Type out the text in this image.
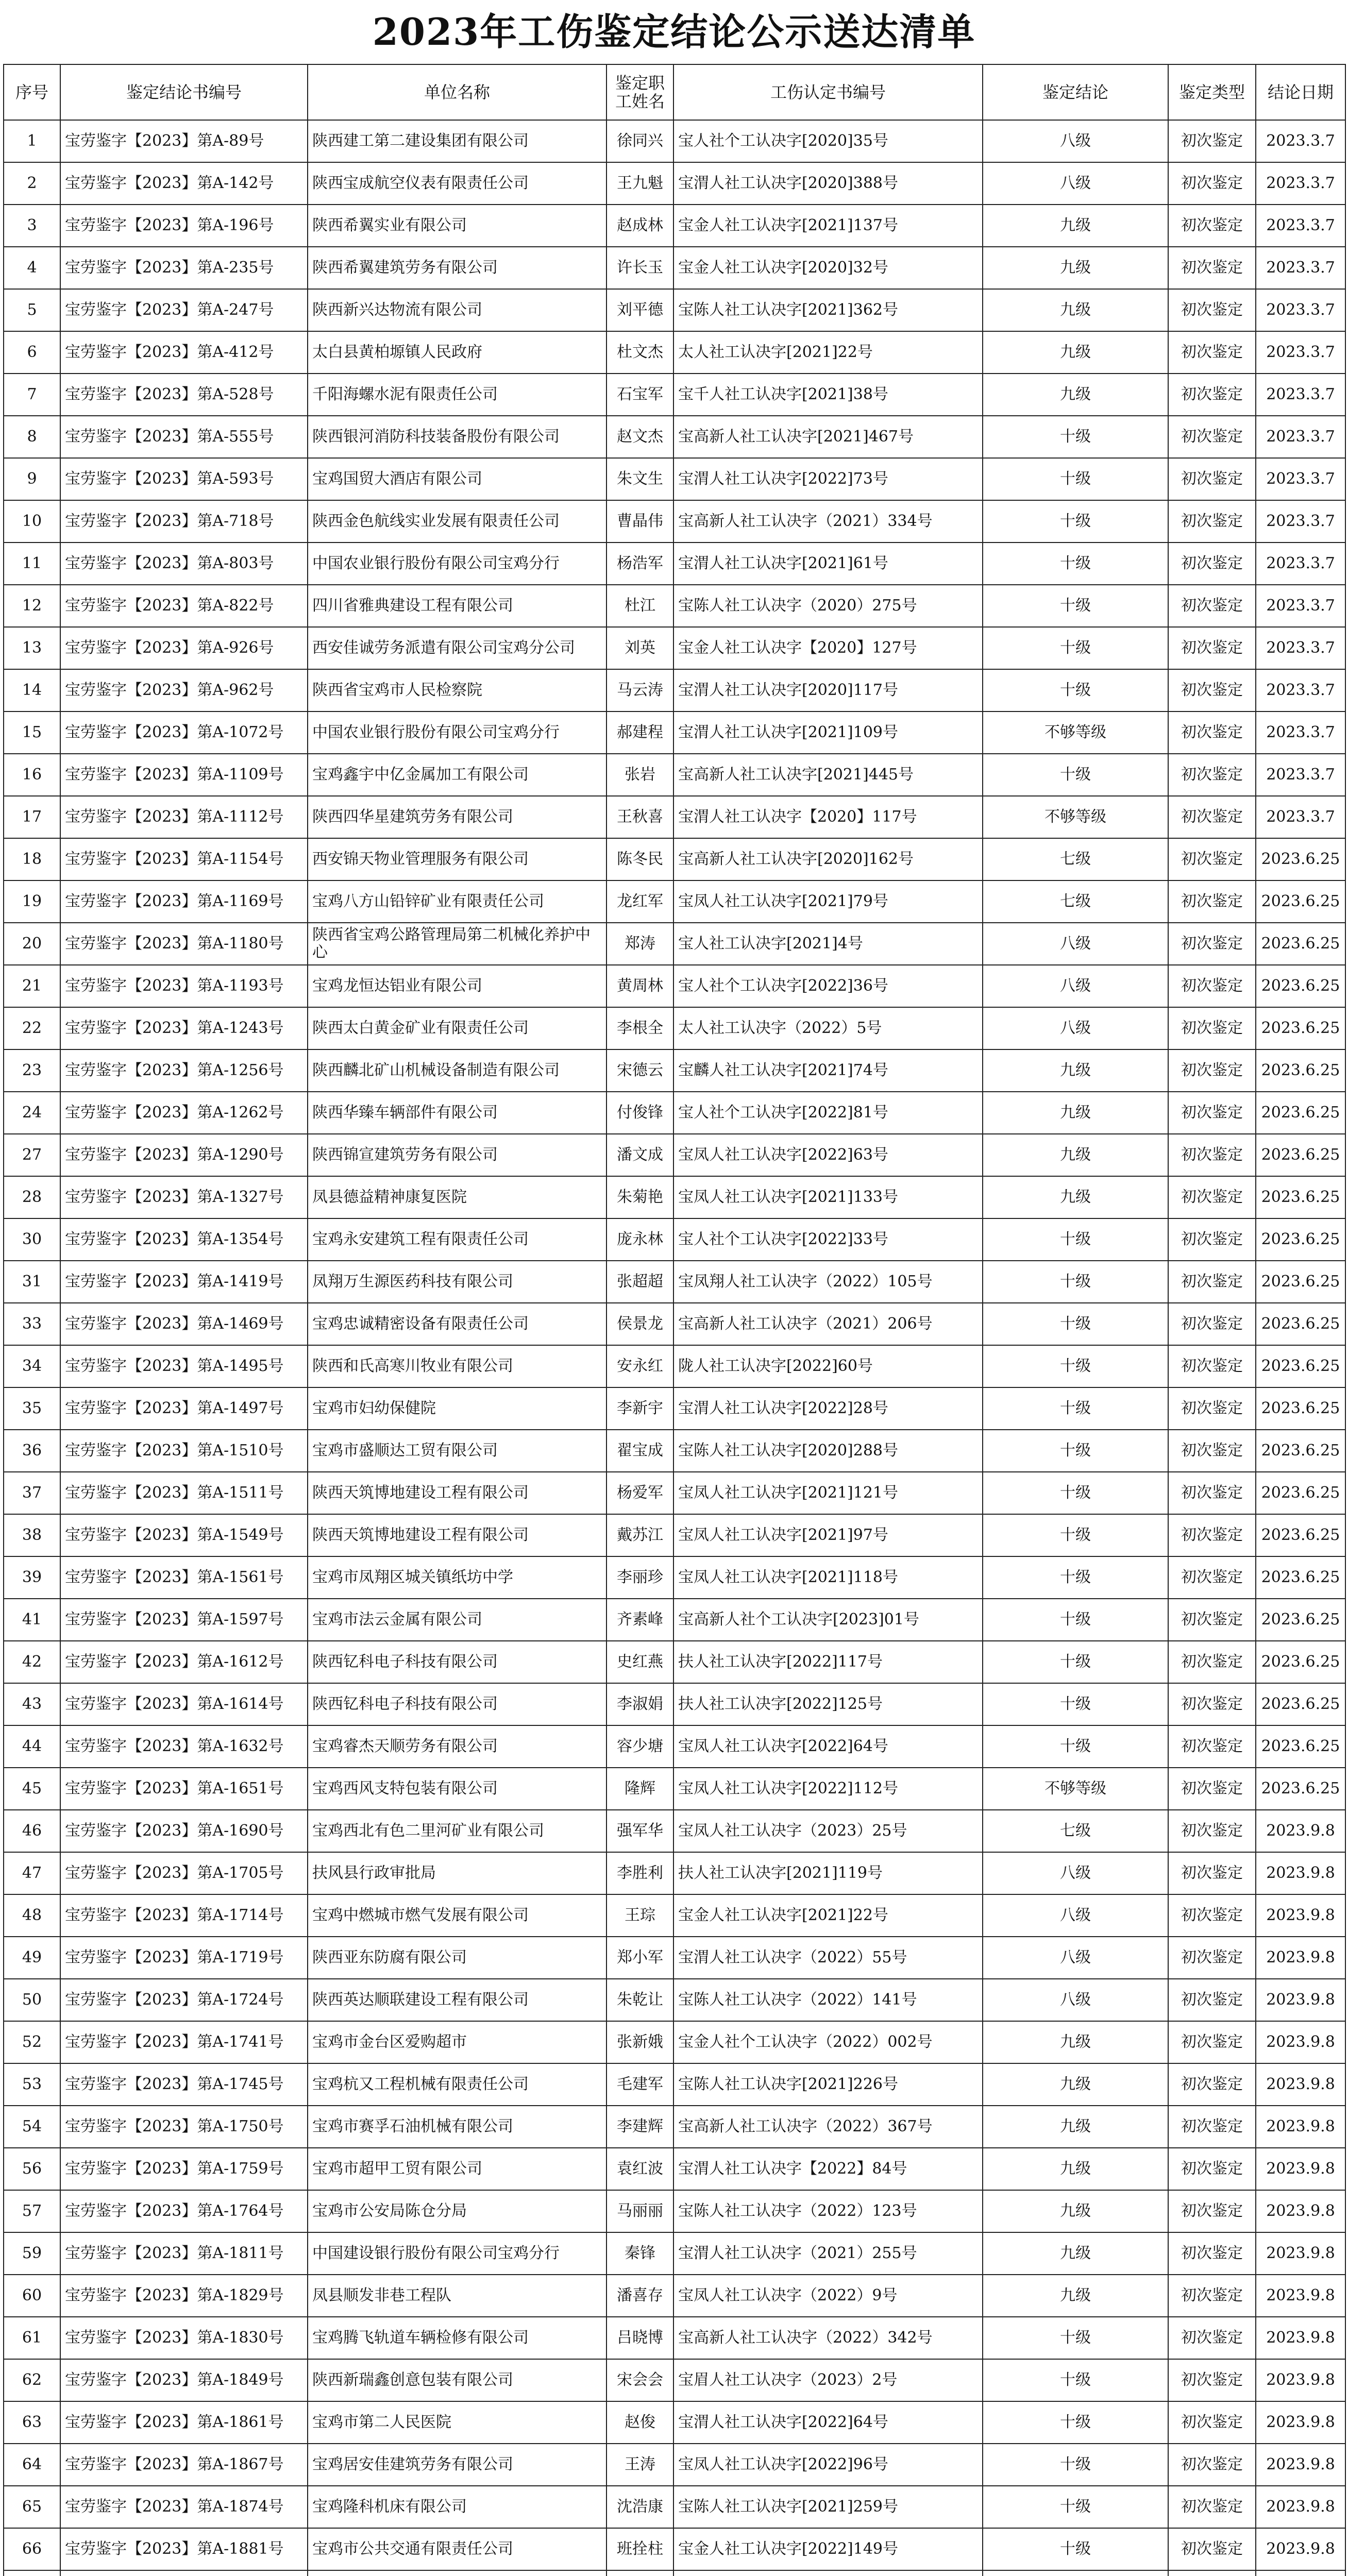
2023年工伤鉴定结论公示送达清单
序号	鉴定结论书编号	单位名称	鉴定职工姓名	工伤认定书编号	鉴定结论	鉴定类型	结论日期
1	宝劳鉴字【2023】第A-89号	陕西建工第二建设集团有限公司	徐同兴	宝人社个工认决字[2020]35号	八级	初次鉴定	2023.3.7
2	宝劳鉴字【2023】第A-142号	陕西宝成航空仪表有限责任公司	王九魁	宝渭人社工认决字[2020]388号	八级	初次鉴定	2023.3.7
3	宝劳鉴字【2023】第A-196号	陕西希翼实业有限公司	赵成林	宝金人社工认决字[2021]137号	九级	初次鉴定	2023.3.7
4	宝劳鉴字【2023】第A-235号	陕西希翼建筑劳务有限公司	许长玉	宝金人社工认决字[2020]32号	九级	初次鉴定	2023.3.7
5	宝劳鉴字【2023】第A-247号	陕西新兴达物流有限公司	刘平德	宝陈人社工认决字[2021]362号	九级	初次鉴定	2023.3.7
6	宝劳鉴字【2023】第A-412号	太白县黄柏塬镇人民政府	杜文杰	太人社工认决字[2021]22号	九级	初次鉴定	2023.3.7
7	宝劳鉴字【2023】第A-528号	千阳海螺水泥有限责任公司	石宝军	宝千人社工认决字[2021]38号	九级	初次鉴定	2023.3.7
8	宝劳鉴字【2023】第A-555号	陕西银河消防科技装备股份有限公司	赵文杰	宝高新人社工认决字[2021]467号	十级	初次鉴定	2023.3.7
9	宝劳鉴字【2023】第A-593号	宝鸡国贸大酒店有限公司	朱文生	宝渭人社工认决字[2022]73号	十级	初次鉴定	2023.3.7
10	宝劳鉴字【2023】第A-718号	陕西金色航线实业发展有限责任公司	曹晶伟	宝高新人社工认决字（2021）334号	十级	初次鉴定	2023.3.7
11	宝劳鉴字【2023】第A-803号	中国农业银行股份有限公司宝鸡分行	杨浩军	宝渭人社工认决字[2021]61号	十级	初次鉴定	2023.3.7
12	宝劳鉴字【2023】第A-822号	四川省雅典建设工程有限公司	杜江	宝陈人社工认决字（2020）275号	十级	初次鉴定	2023.3.7
13	宝劳鉴字【2023】第A-926号	西安佳诚劳务派遣有限公司宝鸡分公司	刘英	宝金人社工认决字【2020】127号	十级	初次鉴定	2023.3.7
14	宝劳鉴字【2023】第A-962号	陕西省宝鸡市人民检察院	马云涛	宝渭人社工认决字[2020]117号	十级	初次鉴定	2023.3.7
15	宝劳鉴字【2023】第A-1072号	中国农业银行股份有限公司宝鸡分行	郝建程	宝渭人社工认决字[2021]109号	不够等级	初次鉴定	2023.3.7
16	宝劳鉴字【2023】第A-1109号	宝鸡鑫宇中亿金属加工有限公司	张岩	宝高新人社工认决字[2021]445号	十级	初次鉴定	2023.3.7
17	宝劳鉴字【2023】第A-1112号	陕西四华星建筑劳务有限公司	王秋喜	宝渭人社工认决字【2020】117号	不够等级	初次鉴定	2023.3.7
18	宝劳鉴字【2023】第A-1154号	西安锦天物业管理服务有限公司	陈冬民	宝高新人社工认决字[2020]162号	七级	初次鉴定	2023.6.25
19	宝劳鉴字【2023】第A-1169号	宝鸡八方山铅锌矿业有限责任公司	龙红军	宝凤人社工认决字[2021]79号	七级	初次鉴定	2023.6.25
20	宝劳鉴字【2023】第A-1180号	陕西省宝鸡公路管理局第二机械化养护中心	郑涛	宝人社工认决字[2021]4号	八级	初次鉴定	2023.6.25
21	宝劳鉴字【2023】第A-1193号	宝鸡龙恒达铝业有限公司	黄周林	宝人社个工认决字[2022]36号	八级	初次鉴定	2023.6.25
22	宝劳鉴字【2023】第A-1243号	陕西太白黄金矿业有限责任公司	李根全	太人社工认决字（2022）5号	八级	初次鉴定	2023.6.25
23	宝劳鉴字【2023】第A-1256号	陕西麟北矿山机械设备制造有限公司	宋德云	宝麟人社工认决字[2021]74号	九级	初次鉴定	2023.6.25
24	宝劳鉴字【2023】第A-1262号	陕西华臻车辆部件有限公司	付俊锋	宝人社个工认决字[2022]81号	九级	初次鉴定	2023.6.25
27	宝劳鉴字【2023】第A-1290号	陕西锦宣建筑劳务有限公司	潘文成	宝凤人社工认决字[2022]63号	九级	初次鉴定	2023.6.25
28	宝劳鉴字【2023】第A-1327号	凤县德益精神康复医院	朱菊艳	宝凤人社工认决字[2021]133号	九级	初次鉴定	2023.6.25
30	宝劳鉴字【2023】第A-1354号	宝鸡永安建筑工程有限责任公司	庞永林	宝人社个工认决字[2022]33号	十级	初次鉴定	2023.6.25
31	宝劳鉴字【2023】第A-1419号	凤翔万生源医药科技有限公司	张超超	宝凤翔人社工认决字（2022）105号	十级	初次鉴定	2023.6.25
33	宝劳鉴字【2023】第A-1469号	宝鸡忠诚精密设备有限责任公司	侯景龙	宝高新人社工认决字（2021）206号	十级	初次鉴定	2023.6.25
34	宝劳鉴字【2023】第A-1495号	陕西和氏高寒川牧业有限公司	安永红	陇人社工认决字[2022]60号	十级	初次鉴定	2023.6.25
35	宝劳鉴字【2023】第A-1497号	宝鸡市妇幼保健院	李新宇	宝渭人社工认决字[2022]28号	十级	初次鉴定	2023.6.25
36	宝劳鉴字【2023】第A-1510号	宝鸡市盛顺达工贸有限公司	翟宝成	宝陈人社工认决字[2020]288号	十级	初次鉴定	2023.6.25
37	宝劳鉴字【2023】第A-1511号	陕西天筑博地建设工程有限公司	杨爱军	宝凤人社工认决字[2021]121号	十级	初次鉴定	2023.6.25
38	宝劳鉴字【2023】第A-1549号	陕西天筑博地建设工程有限公司	戴苏江	宝凤人社工认决字[2021]97号	十级	初次鉴定	2023.6.25
39	宝劳鉴字【2023】第A-1561号	宝鸡市凤翔区城关镇纸坊中学	李丽珍	宝凤人社工认决字[2021]118号	十级	初次鉴定	2023.6.25
41	宝劳鉴字【2023】第A-1597号	宝鸡市法云金属有限公司	齐素峰	宝高新人社个工认决字[2023]01号	十级	初次鉴定	2023.6.25
42	宝劳鉴字【2023】第A-1612号	陕西钇科电子科技有限公司	史红燕	扶人社工认决字[2022]117号	十级	初次鉴定	2023.6.25
43	宝劳鉴字【2023】第A-1614号	陕西钇科电子科技有限公司	李淑娟	扶人社工认决字[2022]125号	十级	初次鉴定	2023.6.25
44	宝劳鉴字【2023】第A-1632号	宝鸡睿杰天顺劳务有限公司	容少塘	宝凤人社工认决字[2022]64号	十级	初次鉴定	2023.6.25
45	宝劳鉴字【2023】第A-1651号	宝鸡西风支特包装有限公司	隆辉	宝凤人社工认决字[2022]112号	不够等级	初次鉴定	2023.6.25
46	宝劳鉴字【2023】第A-1690号	宝鸡西北有色二里河矿业有限公司	强军华	宝凤人社工认决字（2023）25号	七级	初次鉴定	2023.9.8
47	宝劳鉴字【2023】第A-1705号	扶风县行政审批局	李胜利	扶人社工认决字[2021]119号	八级	初次鉴定	2023.9.8
48	宝劳鉴字【2023】第A-1714号	宝鸡中燃城市燃气发展有限公司	王琮	宝金人社工认决字[2021]22号	八级	初次鉴定	2023.9.8
49	宝劳鉴字【2023】第A-1719号	陕西亚东防腐有限公司	郑小军	宝渭人社工认决字（2022）55号	八级	初次鉴定	2023.9.8
50	宝劳鉴字【2023】第A-1724号	陕西英达顺联建设工程有限公司	朱乾让	宝陈人社工认决字（2022）141号	八级	初次鉴定	2023.9.8
52	宝劳鉴字【2023】第A-1741号	宝鸡市金台区爱购超市	张新娥	宝金人社个工认决字（2022）002号	九级	初次鉴定	2023.9.8
53	宝劳鉴字【2023】第A-1745号	宝鸡杭又工程机械有限责任公司	毛建军	宝陈人社工认决字[2021]226号	九级	初次鉴定	2023.9.8
54	宝劳鉴字【2023】第A-1750号	宝鸡市赛孚石油机械有限公司	李建辉	宝高新人社工认决字（2022）367号	九级	初次鉴定	2023.9.8
56	宝劳鉴字【2023】第A-1759号	宝鸡市超甲工贸有限公司	袁红波	宝渭人社工认决字【2022】84号	九级	初次鉴定	2023.9.8
57	宝劳鉴字【2023】第A-1764号	宝鸡市公安局陈仓分局	马丽丽	宝陈人社工认决字（2022）123号	九级	初次鉴定	2023.9.8
59	宝劳鉴字【2023】第A-1811号	中国建设银行股份有限公司宝鸡分行	秦锋	宝渭人社工认决字（2021）255号	九级	初次鉴定	2023.9.8
60	宝劳鉴字【2023】第A-1829号	凤县顺发非巷工程队	潘喜存	宝凤人社工认决字（2022）9号	九级	初次鉴定	2023.9.8
61	宝劳鉴字【2023】第A-1830号	宝鸡腾飞轨道车辆检修有限公司	吕晓博	宝高新人社工认决字（2022）342号	十级	初次鉴定	2023.9.8
62	宝劳鉴字【2023】第A-1849号	陕西新瑞鑫创意包装有限公司	宋会会	宝眉人社工认决字（2023）2号	十级	初次鉴定	2023.9.8
63	宝劳鉴字【2023】第A-1861号	宝鸡市第二人民医院	赵俊	宝渭人社工认决字[2022]64号	十级	初次鉴定	2023.9.8
64	宝劳鉴字【2023】第A-1867号	宝鸡居安佳建筑劳务有限公司	王涛	宝凤人社工认决字[2022]96号	十级	初次鉴定	2023.9.8
65	宝劳鉴字【2023】第A-1874号	宝鸡隆科机床有限公司	沈浩康	宝陈人社工认决字[2021]259号	十级	初次鉴定	2023.9.8
66	宝劳鉴字【2023】第A-1881号	宝鸡市公共交通有限责任公司	班拴柱	宝金人社工认决字[2022]149号	十级	初次鉴定	2023.9.8
